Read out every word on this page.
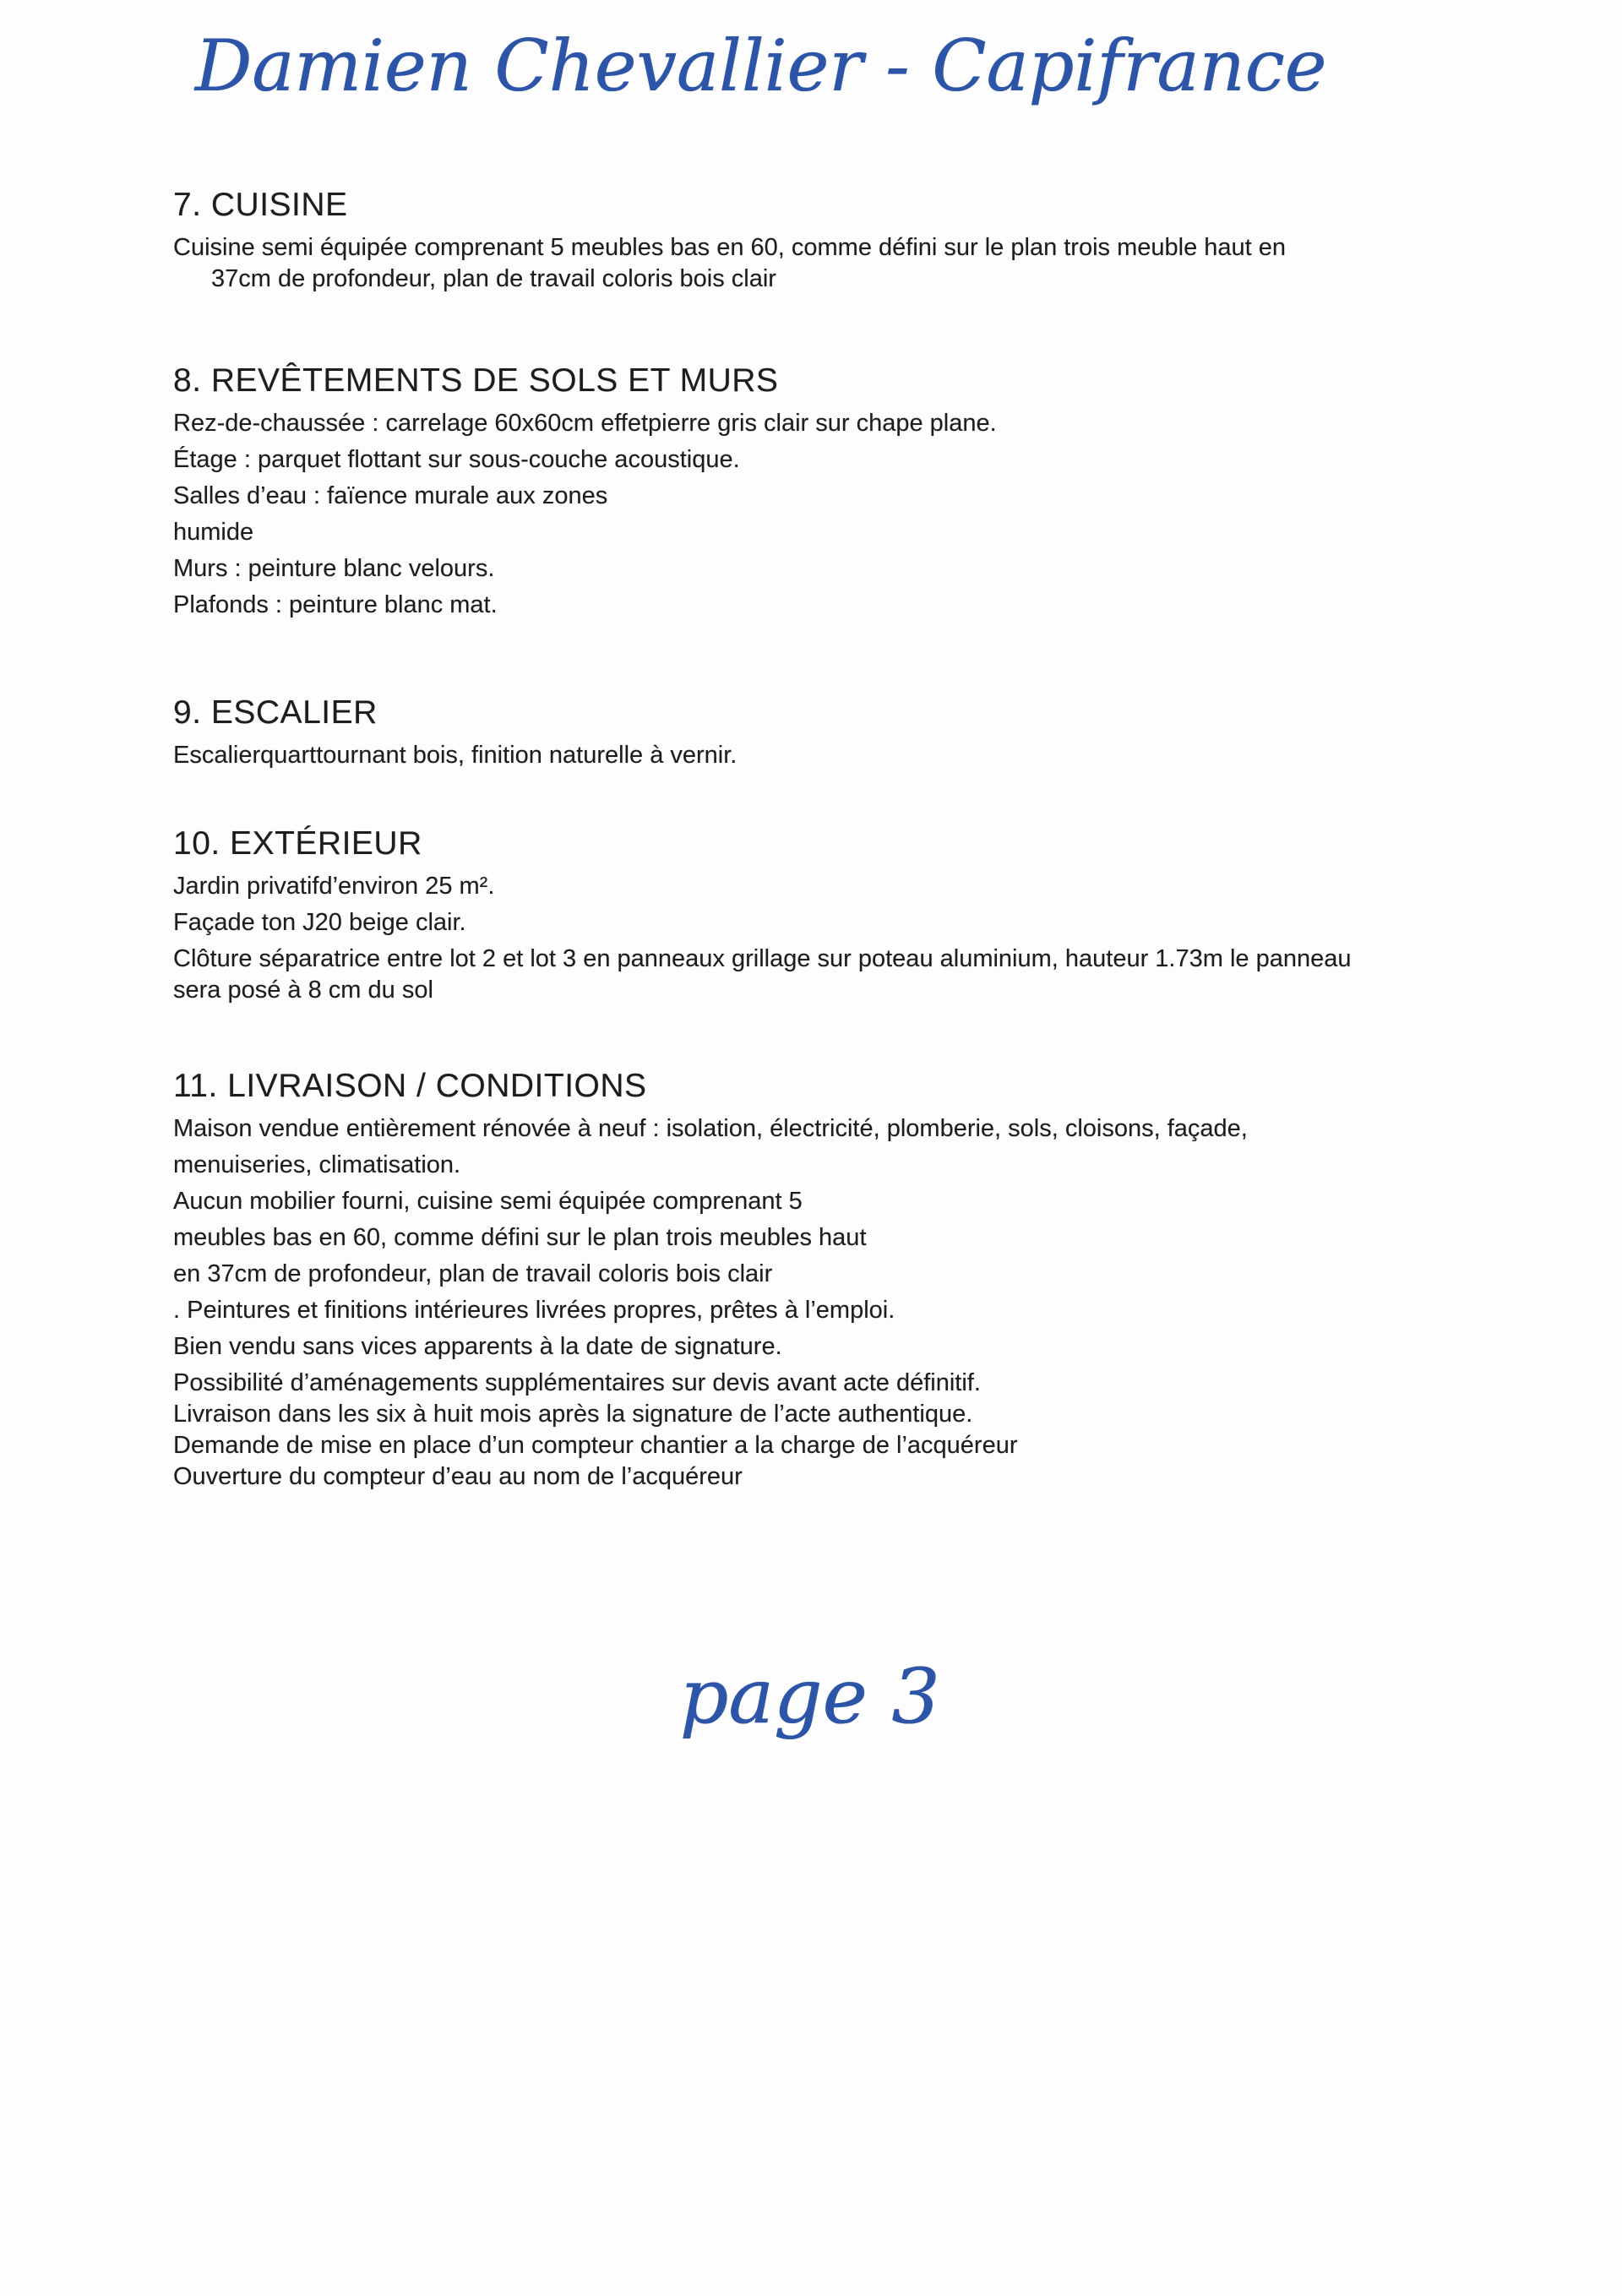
Damien Chevallier - Capifrance
7. CUISINE
Cuisine semi équipée comprenant 5 meubles bas en 60, comme défini sur le plan trois meuble haut en
37cm de profondeur, plan de travail coloris bois clair
8. REVÊTEMENTS DE SOLS ET MURS

Rez-de-chaussée : carrelage 60x60cm effetpierre gris clair sur chape plane.

Étage : parquet flottant sur sous-couche acoustique.

Salles d’eau : faïence murale aux zones

humide

Murs : peinture blanc velours.

Plafonds : peinture blanc mat.

9. ESCALIER

Escalierquarttournant bois, finition naturelle à vernir.

10. EXTÉRIEUR

Jardin privatifd’environ 25 m².

Façade ton J20 beige clair.

Clôture séparatrice entre lot 2 et lot 3 en panneaux grillage sur poteau aluminium, hauteur 1.73m le panneau sera posé à 8 cm du sol

11. LIVRAISON / CONDITIONS

Maison vendue entièrement rénovée à neuf : isolation, électricité, plomberie, sols, cloisons, façade,

menuiseries, climatisation.

Aucun mobilier fourni, cuisine semi équipée comprenant 5

meubles bas en 60, comme défini sur le plan trois meubles haut

en 37cm de profondeur, plan de travail coloris bois clair

. Peintures et finitions intérieures livrées propres, prêtes à l’emploi.

Bien vendu sans vices apparents à la date de signature.

Possibilité d’aménagements supplémentaires sur devis avant acte définitif.

Livraison dans les six à huit mois après la signature de l’acte authentique.

Demande de mise en place d’un compteur chantier a la charge de l’acquéreur

Ouverture du compteur d’eau au nom de l’acquéreur

page 3
